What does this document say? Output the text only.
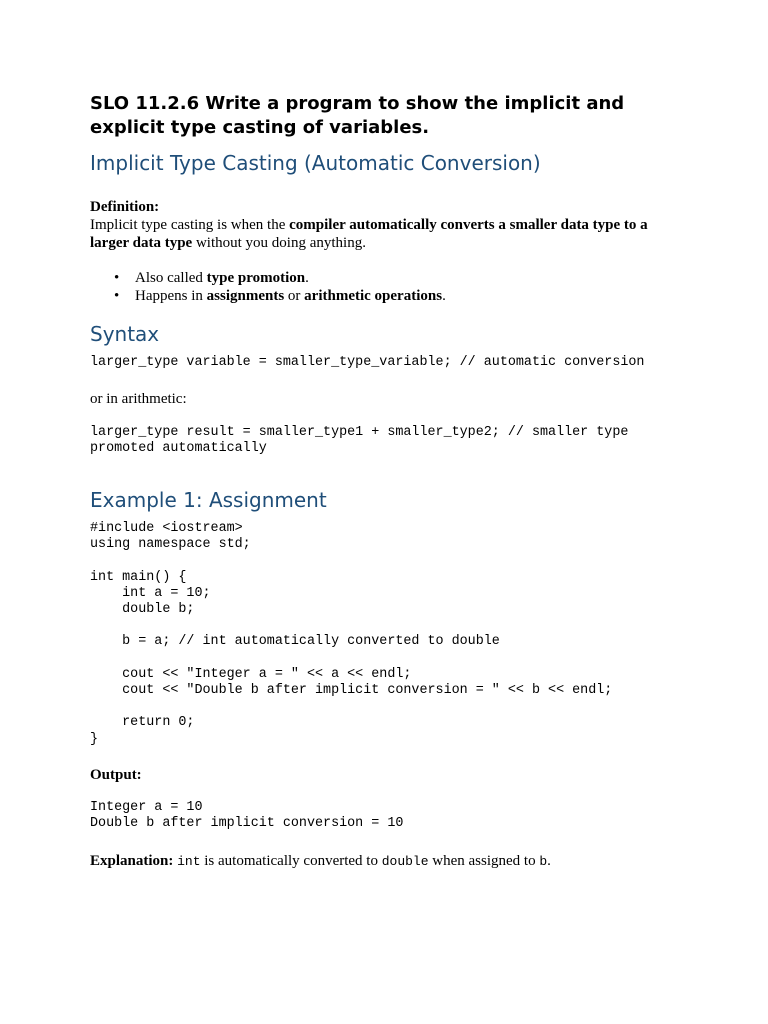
SLO 11.2.6 Write a program to show the implicit and
explicit type casting of variables.
Implicit Type Casting (Automatic Conversion)
Definition:
Implicit type casting is when the compiler automatically converts a smaller data type to a
larger data type without you doing anything.
• Also called type promotion.
• Happens in assignments or arithmetic operations.
Syntax
larger_type variable = smaller_type_variable; // automatic conversion
or in arithmetic:
larger_type result = smaller_type1 + smaller_type2; // smaller type
promoted automatically
Example 1: Assignment
#include <iostream>
using namespace std;

int main() {
int a = 10;
double b;

b = a; // int automatically converted to double

cout << "Integer a = " << a << endl;
cout << "Double b after implicit conversion = " << b << endl;

return 0;
}
Output:
Integer a = 10
Double b after implicit conversion = 10
Explanation: int is automatically converted to double when assigned to b.
